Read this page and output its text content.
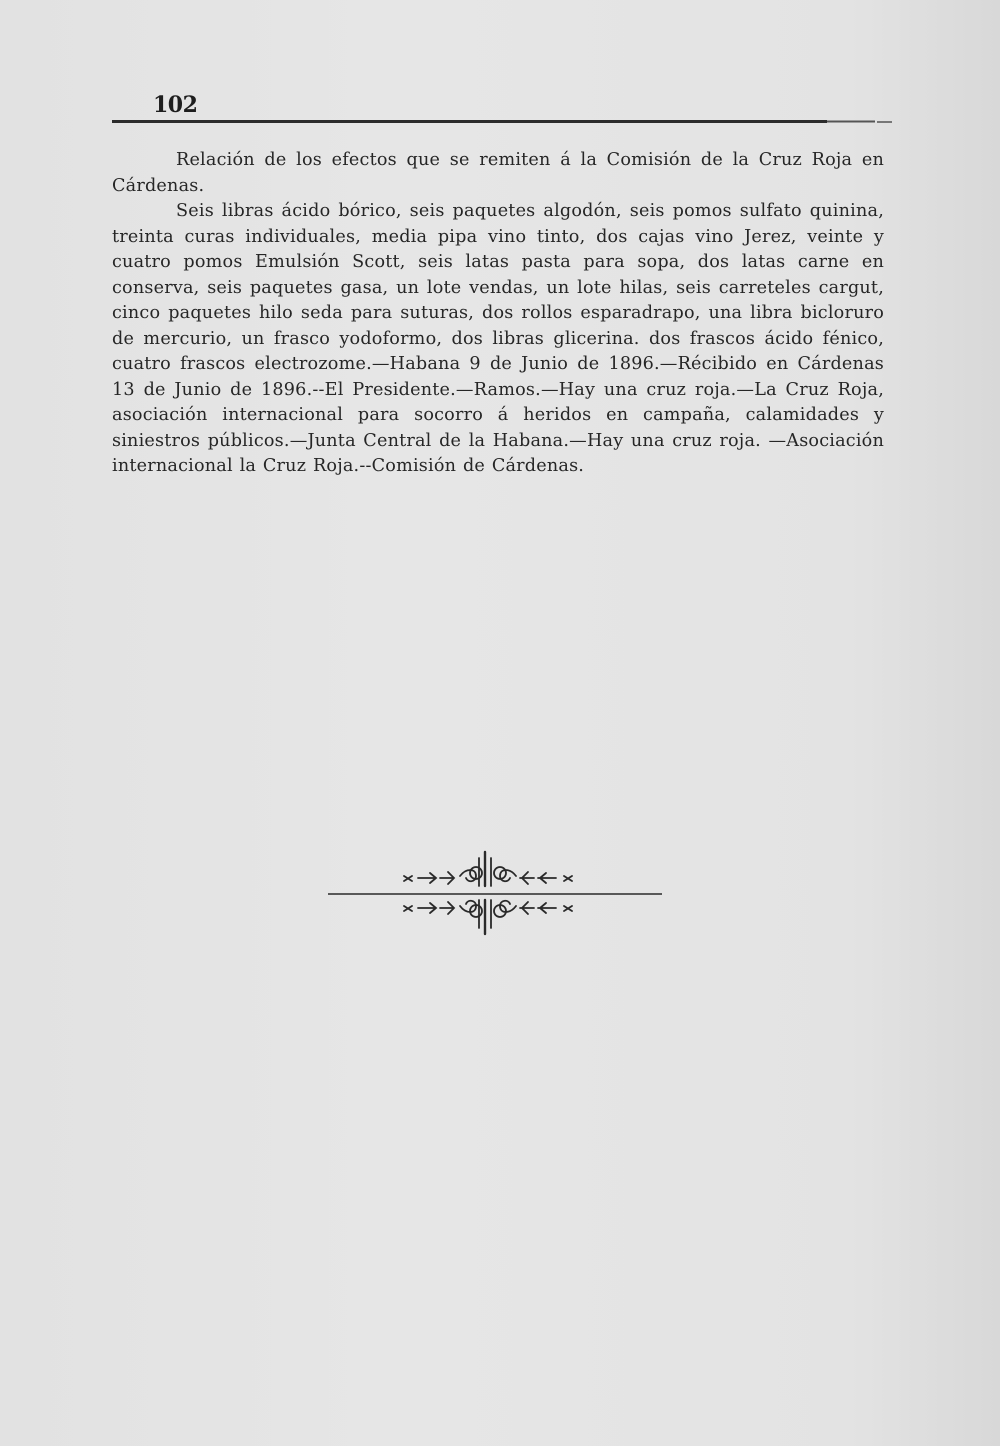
102

Relación de los efectos que se remiten á la Comisión de la Cruz Roja en Cárdenas.

Seis libras ácido bórico, seis paquetes algodón, seis pomos sulfato quinina, treinta curas individuales, media pipa vino tinto, dos cajas vino Jerez, veinte y cuatro pomos Emulsión Scott, seis latas pasta para sopa, dos latas carne en conserva, seis paquetes gasa, un lote vendas, un lote hilas, seis carreteles cargut, cinco paquetes hilo seda para suturas, dos rollos esparadrapo, una libra bicloruro de mercurio, un frasco yodoformo, dos libras glicerina. dos frascos ácido fénico, cuatro frascos electrozome.—Habana 9 de Junio de 1896.—Récibido en Cárdenas 13 de Junio de 1896.--El Presidente.—Ramos.—Hay una cruz roja.—La Cruz Roja, asociación internacional para socorro á heridos en campaña, calamidades y siniestros públicos.—Junta Central de la Habana.—Hay una cruz roja. —Asociación internacional la Cruz Roja.--Comisión de Cárdenas.
